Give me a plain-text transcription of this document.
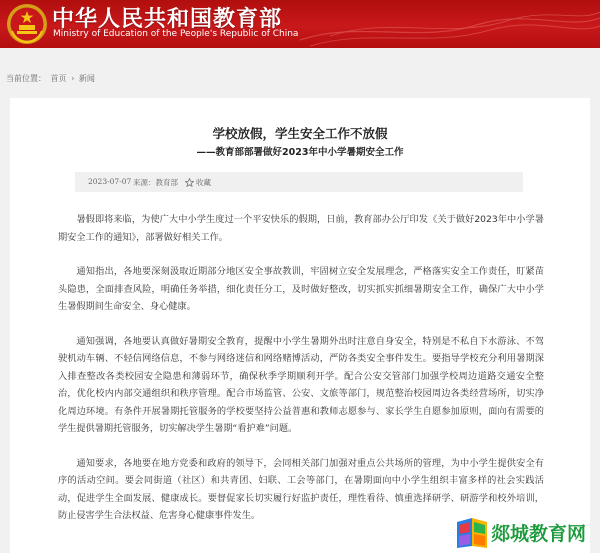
中华人民共和国教育部
Ministry of Education of the People's Republic of China
当前位置： 首页 › 新闻
学校放假，学生安全工作不放假
——教育部部署做好2023年中小学暑期安全工作
2023-07-07 来源：教育部 收藏

暑假即将来临，为使广大中小学生度过一个平安快乐的假期，日前，教育部办公厅印发《关于做好2023年中小学暑期安全工作的通知》，部署做好相关工作。

通知指出，各地要深刻汲取近期部分地区安全事故教训，牢固树立安全发展理念，严格落实安全工作责任，盯紧苗头隐患，全面排查风险，明确任务举措，细化责任分工，及时做好整改，切实抓实抓细暑期安全工作，确保广大中小学生暑假期间生命安全、身心健康。

通知强调，各地要认真做好暑期安全教育，提醒中小学生暑期外出时注意自身安全，特别是不私自下水游泳、不驾驶机动车辆、不轻信网络信息，不参与网络迷信和网络赌博活动，严防各类安全事件发生。要指导学校充分利用暑期深入排查整改各类校园安全隐患和薄弱环节，确保秋季学期顺利开学。配合公安交管部门加强学校周边道路交通安全整治，优化校内内部交通组织和秩序管理。配合市场监管、公安、文旅等部门，规范整治校园周边各类经营场所，切实净化周边环境。有条件开展暑期托管服务的学校要坚持公益普惠和教师志愿参与、家长学生自愿参加原则，面向有需要的学生提供暑期托管服务，切实解决学生暑期“看护难”问题。

通知要求，各地要在地方党委和政府的领导下，会同相关部门加强对重点公共场所的管理，为中小学生提供安全有序的活动空间。要会同街道（社区）和共青团、妇联、工会等部门，在暑期面向中小学生组织丰富多样的社会实践活动，促进学生全面发展、健康成长。要督促家长切实履行好监护责任，理性看待、慎重选择研学、研游学和校外培训，防止侵害学生合法权益、危害身心健康事件发生。

郯城教育网
